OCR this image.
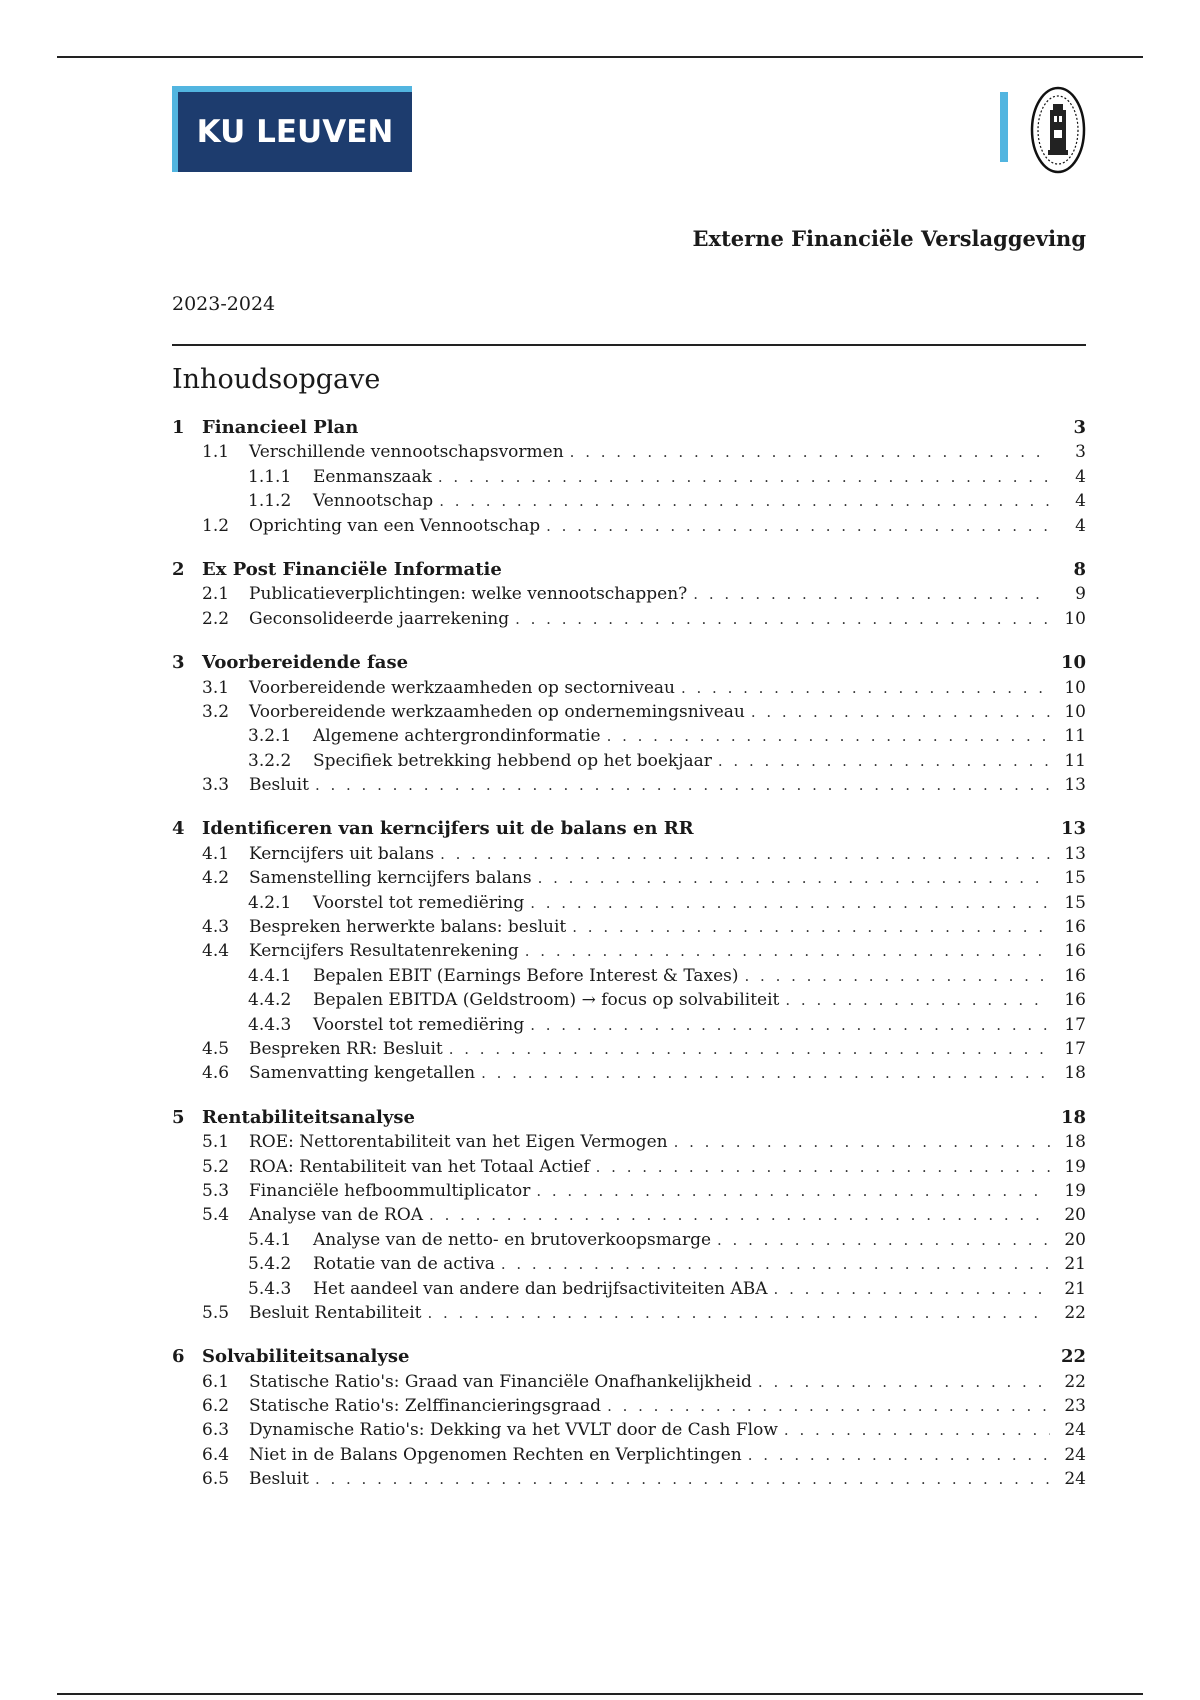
KU LEUVEN
Externe Financiële Verslaggeving
2023-2024
Inhoudsopgave
1 Financieel Plan	3
1.1	Verschillende vennootschapsvormen . . .	3
1.1.1	Eenmanszaak . . .	4
1.1.2	Vennootschap . . .	4
1.2	Oprichting van een Vennootschap . . .	4
2 Ex Post Financiële Informatie	8
2.1	Publicatieverplichtingen: welke vennootschappen? . . .	9
2.2	Geconsolideerde jaarrekening . . .	10
3 Voorbereidende fase	10
3.1	Voorbereidende werkzaamheden op sectorniveau . . .	10
3.2	Voorbereidende werkzaamheden op ondernemingsniveau . . .	10
3.2.1	Algemene achtergrondinformatie . . .	11
3.2.2	Specifiek betrekking hebbend op het boekjaar . . .	11
3.3	Besluit . . .	13
4 Identificeren van kerncijfers uit de balans en RR	13
4.1	Kerncijfers uit balans . . .	13
4.2	Samenstelling kerncijfers balans . . .	15
4.2.1	Voorstel tot remediëring . . .	15
4.3	Bespreken herwerkte balans: besluit . . .	16
4.4	Kerncijfers Resultatenrekening . . .	16
4.4.1	Bepalen EBIT (Earnings Before Interest & Taxes) . . .	16
4.4.2	Bepalen EBITDA (Geldstroom) → focus op solvabiliteit . . .	16
4.4.3	Voorstel tot remediëring . . .	17
4.5	Bespreken RR: Besluit . . .	17
4.6	Samenvatting kengetallen . . .	18
5 Rentabiliteitsanalyse	18
5.1	ROE: Nettorentabiliteit van het Eigen Vermogen . . .	18
5.2	ROA: Rentabiliteit van het Totaal Actief . . .	19
5.3	Financiële hefboommultiplicator . . .	19
5.4	Analyse van de ROA . . .	20
5.4.1	Analyse van de netto- en brutoverkoopsmarge . . .	20
5.4.2	Rotatie van de activa . . .	21
5.4.3	Het aandeel van andere dan bedrijfsactiviteiten ABA . . .	21
5.5	Besluit Rentabiliteit . . .	22
6 Solvabiliteitsanalyse	22
6.1	Statische Ratio's: Graad van Financiële Onafhankelijkheid . . .	22
6.2	Statische Ratio's: Zelffinancieringsgraad . . .	23
6.3	Dynamische Ratio's: Dekking va het VVLT door de Cash Flow . . .	24
6.4	Niet in de Balans Opgenomen Rechten en Verplichtingen . . .	24
6.5	Besluit . . .	24
